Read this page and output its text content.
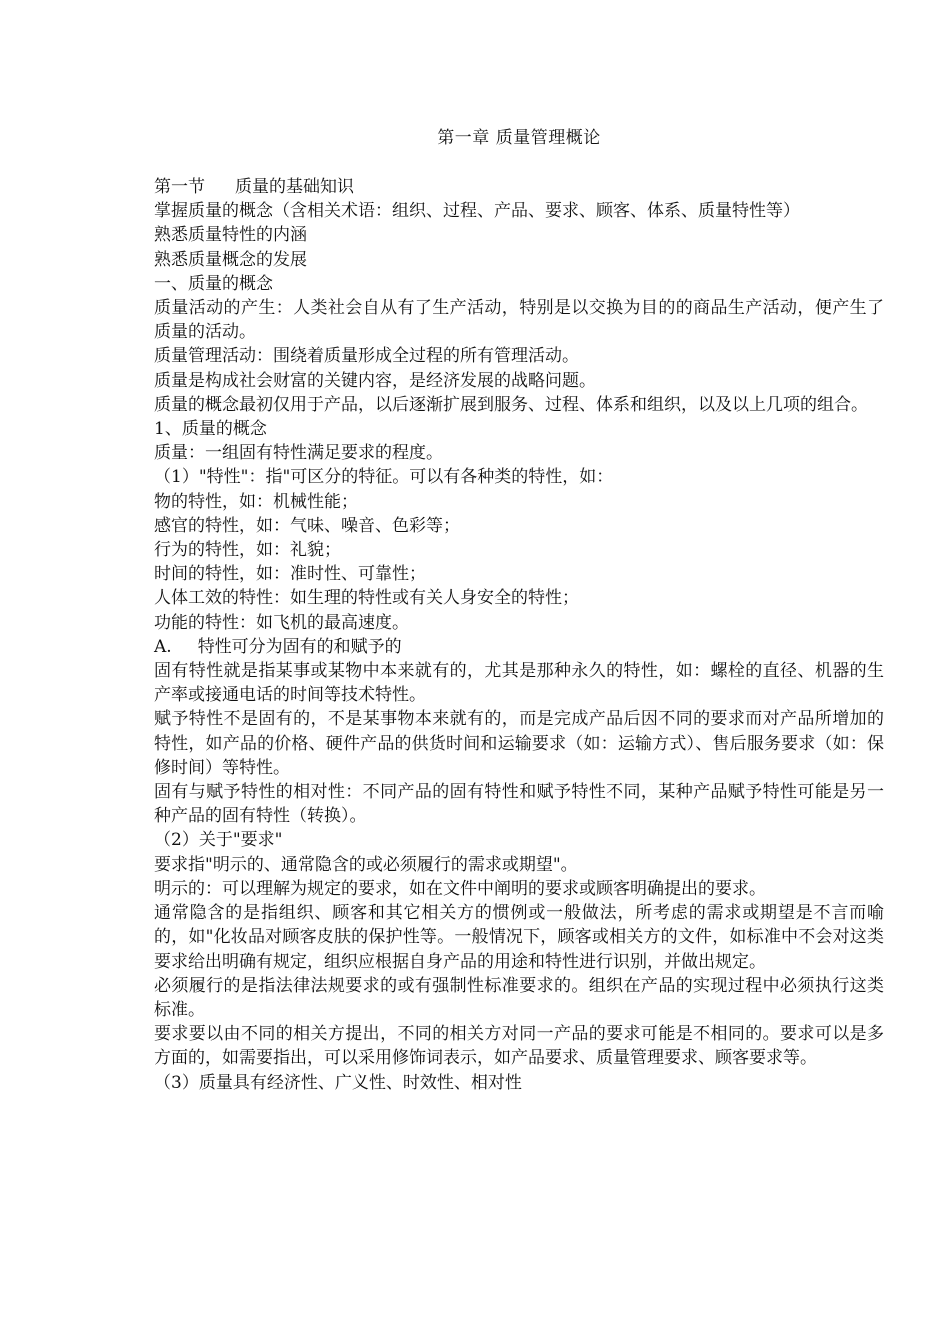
第一章 质量管理概论

第一节 质量的基础知识

掌握质量的概念（含相关术语：组织、过程、产品、要求、顾客、体系、质量特性等）

熟悉质量特性的内涵

熟悉质量概念的发展

一、质量的概念

质量活动的产生：人类社会自从有了生产活动，特别是以交换为目的的商品生产活动，便产生了质量的活动。

质量管理活动：围绕着质量形成全过程的所有管理活动。

质量是构成社会财富的关键内容，是经济发展的战略问题。

质量的概念最初仅用于产品，以后逐渐扩展到服务、过程、体系和组织，以及以上几项的组合。

1、质量的概念

质量：一组固有特性满足要求的程度。

（1）"特性"：指"可区分的特征。可以有各种类的特性，如：

物的特性，如：机械性能；

感官的特性，如：气味、噪音、色彩等；

行为的特性，如：礼貌；

时间的特性，如：准时性、可靠性；

人体工效的特性：如生理的特性或有关人身安全的特性；

功能的特性：如飞机的最高速度。

A. 特性可分为固有的和赋予的

固有特性就是指某事或某物中本来就有的，尤其是那种永久的特性，如：螺栓的直径、机器的生产率或接通电话的时间等技术特性。

赋予特性不是固有的，不是某事物本来就有的，而是完成产品后因不同的要求而对产品所增加的特性，如产品的价格、硬件产品的供货时间和运输要求（如：运输方式）、售后服务要求（如：保修时间）等特性。

固有与赋予特性的相对性：不同产品的固有特性和赋予特性不同，某种产品赋予特性可能是另一种产品的固有特性（转换）。

（2）关于"要求"

要求指"明示的、通常隐含的或必须履行的需求或期望"。

明示的：可以理解为规定的要求，如在文件中阐明的要求或顾客明确提出的要求。

通常隐含的是指组织、顾客和其它相关方的惯例或一般做法，所考虑的需求或期望是不言而喻的，如"化妆品对顾客皮肤的保护性等。一般情况下，顾客或相关方的文件，如标准中不会对这类要求给出明确有规定，组织应根据自身产品的用途和特性进行识别，并做出规定。

必须履行的是指法律法规要求的或有强制性标准要求的。组织在产品的实现过程中必须执行这类标准。

要求要以由不同的相关方提出，不同的相关方对同一产品的要求可能是不相同的。要求可以是多方面的，如需要指出，可以采用修饰词表示，如产品要求、质量管理要求、顾客要求等。

（3）质量具有经济性、广义性、时效性、相对性
